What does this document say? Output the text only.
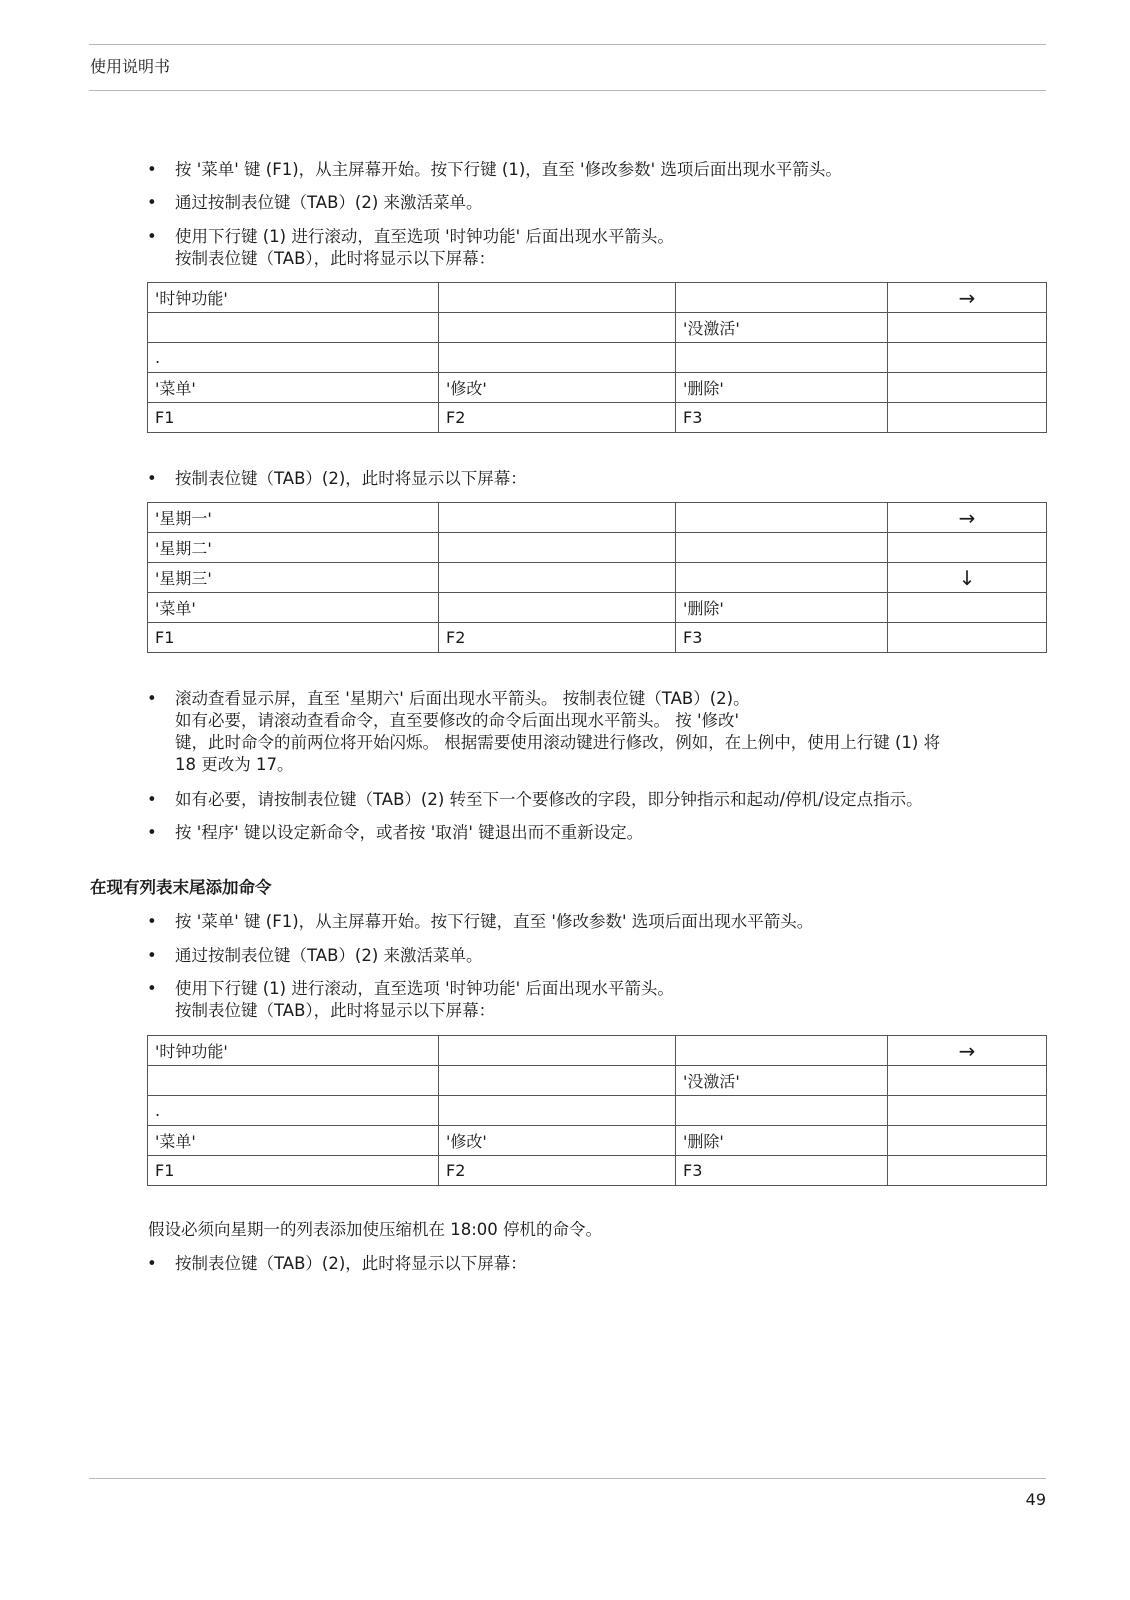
使用说明书
• 按 '菜单' 键 (F1)，从主屏幕开始。按下行键 (1)，直至 '修改参数' 选项后面出现水平箭头。
• 通过按制表位键（TAB）(2) 来激活菜单。
• 使用下行键 (1) 进行滚动，直至选项 '时钟功能' 后面出现水平箭头。
按制表位键（TAB），此时将显示以下屏幕：
'时钟功能'			→
		'没激活'	
.			
'菜单'	'修改'	'删除'	
F1	F2	F3	
• 按制表位键（TAB）(2)，此时将显示以下屏幕：
'星期一'			→
'星期二'			
'星期三'			↓
'菜单'		'删除'	
F1	F2	F3	
• 滚动查看显示屏，直至 '星期六' 后面出现水平箭头。 按制表位键（TAB）(2)。
如有必要，请滚动查看命令，直至要修改的命令后面出现水平箭头。 按 '修改'
键，此时命令的前两位将开始闪烁。 根据需要使用滚动键进行修改，例如，在上例中，使用上行键 (1) 将
18 更改为 17。
• 如有必要，请按制表位键（TAB）(2) 转至下一个要修改的字段，即分钟指示和起动/停机/设定点指示。
• 按 '程序' 键以设定新命令，或者按 '取消' 键退出而不重新设定。
在现有列表末尾添加命令
• 按 '菜单' 键 (F1)，从主屏幕开始。按下行键，直至 '修改参数' 选项后面出现水平箭头。
• 通过按制表位键（TAB）(2) 来激活菜单。
• 使用下行键 (1) 进行滚动，直至选项 '时钟功能' 后面出现水平箭头。
按制表位键（TAB），此时将显示以下屏幕：
'时钟功能'			→
		'没激活'	
.			
'菜单'	'修改'	'删除'	
F1	F2	F3	
假设必须向星期一的列表添加使压缩机在 18:00 停机的命令。
• 按制表位键（TAB）(2)，此时将显示以下屏幕：
49
